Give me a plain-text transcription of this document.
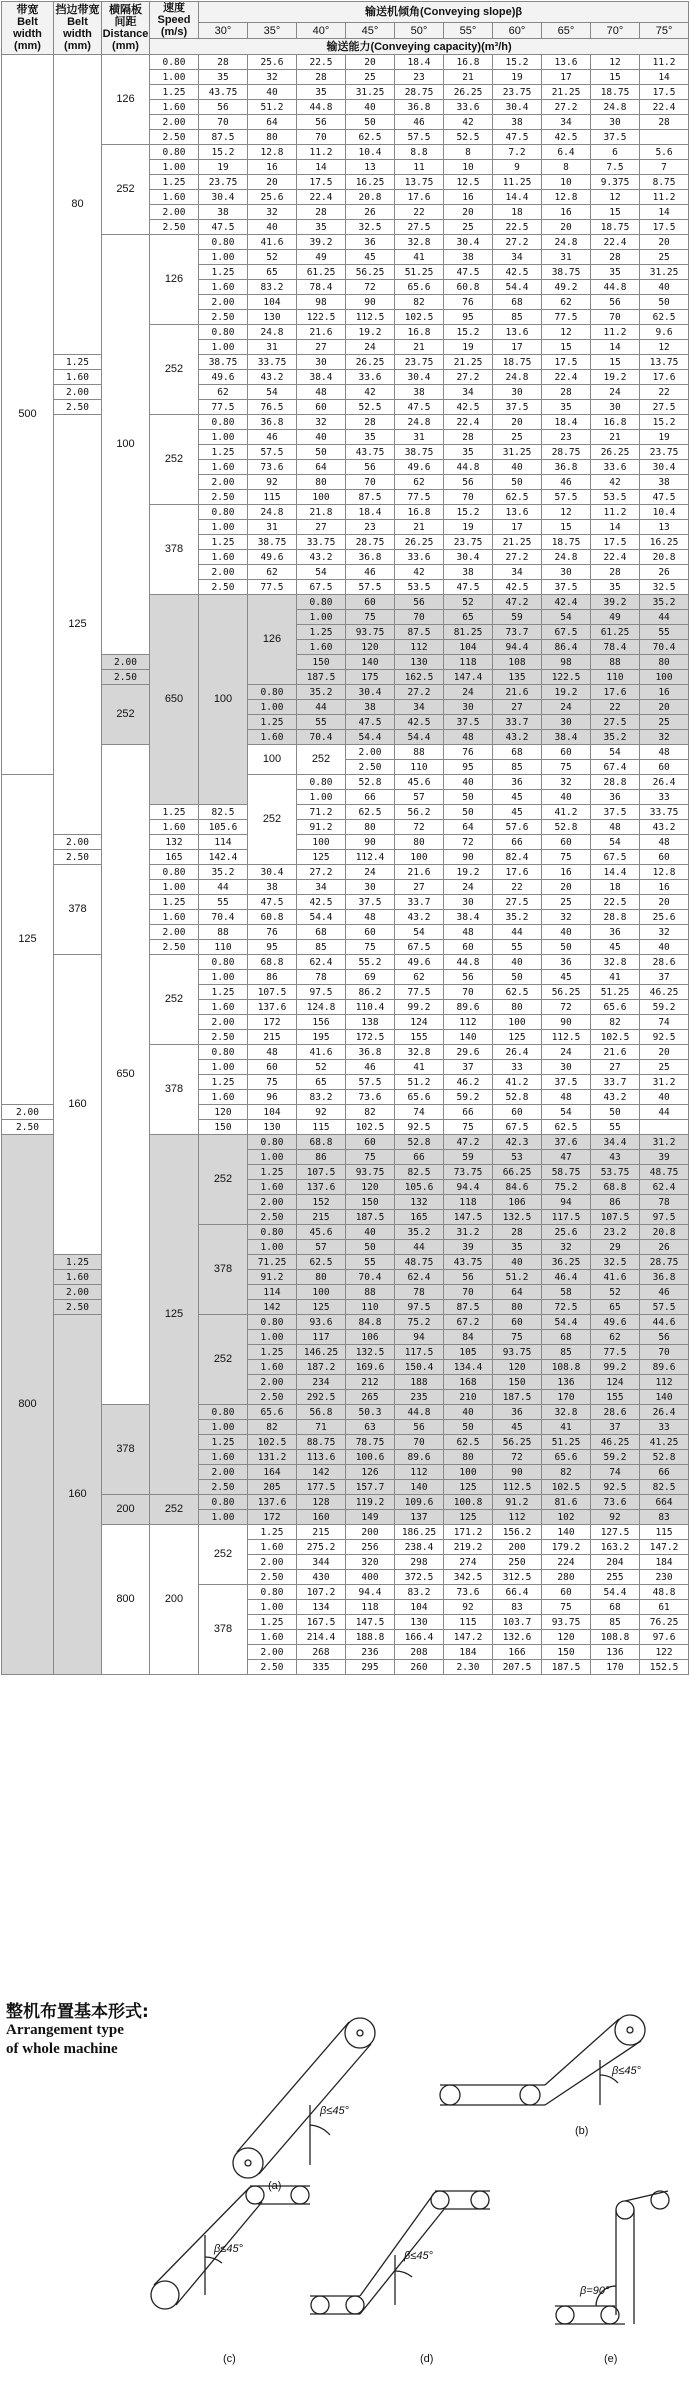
带宽
Belt
width
(mm)	挡边带宽
Belt
width
(mm)	横隔板
间距
Distance
(mm)	速度
Speed
(m/s)	输送机倾角(Conveying slope)β										
				30°	35°	40°	45°	50°	55°	60°	65°	70°	75°	
			输送能力(Conveying capacity)(m³/h)											
500	80	126	0.80	28	25.6	22.5	20	18.4	16.8	15.2	13.6	12	11.2	
			1.00	35	32	28	25	23	21	19	17	15	14	
			1.25	43.75	40	35	31.25	28.75	26.25	23.75	21.25	18.75	17.5	
			1.60	56	51.2	44.8	40	36.8	33.6	30.4	27.2	24.8	22.4	
			2.00	70	64	56	50	46	42	38	34	30	28	
			2.50	87.5	80	70	62.5	57.5	52.5	47.5	42.5	37.5		
		252	0.80	15.2	12.8	11.2	10.4	8.8	8	7.2	6.4	6	5.6	
			1.00	19	16	14	13	11	10	9	8	7.5	7	
			1.25	23.75	20	17.5	16.25	13.75	12.5	11.25	10	9.375	8.75	
			1.60	30.4	25.6	22.4	20.8	17.6	16	14.4	12.8	12	11.2	
			2.00	38	32	28	26	22	20	18	16	15	14	
			2.50	47.5	40	35	32.5	27.5	25	22.5	20	18.75	17.5	
		100	126	0.80	41.6	39.2	36	32.8	30.4	27.2	24.8	22.4	20	
				1.00	52	49	45	41	38	34	31	28	25	
				1.25	65	61.25	56.25	51.25	47.5	42.5	38.75	35	31.25	
				1.60	83.2	78.4	72	65.6	60.8	54.4	49.2	44.8	40	
				2.00	104	98	90	82	76	68	62	56	50	
				2.50	130	122.5	112.5	102.5	95	85	77.5	70	62.5	
			252	0.80	24.8	21.6	19.2	16.8	15.2	13.6	12	11.2	9.6	
				1.00	31	27	24	21	19	17	15	14	12	
	1.25			38.75	33.75	30	26.25	23.75	21.25	18.75	17.5	15	13.75	
	1.60			49.6	43.2	38.4	33.6	30.4	27.2	24.8	22.4	19.2	17.6	
	2.00			62	54	48	42	38	34	30	28	24	22	
	2.50			77.5	76.5	60	52.5	47.5	42.5	37.5	35	30	27.5	
	125		252	0.80	36.8	32	28	24.8	22.4	20	18.4	16.8	15.2	
				1.00	46	40	35	31	28	25	23	21	19	
				1.25	57.5	50	43.75	38.75	35	31.25	28.75	26.25	23.75	
				1.60	73.6	64	56	49.6	44.8	40	36.8	33.6	30.4	
				2.00	92	80	70	62	56	50	46	42	38	
				2.50	115	100	87.5	77.5	70	62.5	57.5	53.5	47.5	
			378	0.80	24.8	21.8	18.4	16.8	15.2	13.6	12	11.2	10.4	
				1.00	31	27	23	21	19	17	15	14	13	
				1.25	38.75	33.75	28.75	26.25	23.75	21.25	18.75	17.5	16.25	
				1.60	49.6	43.2	36.8	33.6	30.4	27.2	24.8	22.4	20.8	
				2.00	62	54	46	42	38	34	30	28	26	
				2.50	77.5	67.5	57.5	53.5	47.5	42.5	37.5	35	32.5	
			650	100	126	0.80	60	56	52	47.2	42.4	39.2	35.2			
						1.00	75	70	65	59	54	49	44			
						1.25	93.75	87.5	81.25	73.7	67.5	61.25	55			
						1.60	120	112	104	94.4	86.4	78.4	70.4			
		2.00				150	140	130	118	108	98	88	80		
		2.50				187.5	175	162.5	147.4	135	122.5	110	100		
		252			0.80	35.2	30.4	27.2	24	21.6	19.2	17.6	16		
					1.00	44	38	34	30	27	24	22	20		
					1.25	55	47.5	42.5	37.5	33.7	30	27.5	25		
					1.60	70.4	54.4	54.4	48	43.2	38.4	35.2	32		
		650			100	252	2.00	88	76	68	60	54	48				
							2.50	110	95	85	75	67.4	60				
125					252	0.80	52.8	45.6	40	36	32	28.8	26.4			
						1.00	66	57	50	45	40	36	33			
			1.25	82.5		71.2	62.5	56.2	50	45	41.2	37.5	33.75	
			1.60	105.6		91.2	80	72	64	57.6	52.8	48	43.2	
	2.00		132	114		100	90	80	72	66	60	54	48	
	2.50		165	142.4		125	112.4	100	90	82.4	75	67.5	60	
	378		0.80	35.2	30.4	27.2	24	21.6	19.2	17.6	16	14.4	12.8	
			1.00	44	38	34	30	27	24	22	20	18	16	
			1.25	55	47.5	42.5	37.5	33.7	30	27.5	25	22.5	20	
			1.60	70.4	60.8	54.4	48	43.2	38.4	35.2	32	28.8	25.6	
			2.00	88	76	68	60	54	48	44	40	36	32	
			2.50	110	95	85	75	67.5	60	55	50	45	40	
	160		252	0.80	68.8	62.4	55.2	49.6	44.8	40	36	32.8	28.6	
				1.00	86	78	69	62	56	50	45	41	37	
				1.25	107.5	97.5	86.2	77.5	70	62.5	56.25	51.25	46.25	
				1.60	137.6	124.8	110.4	99.2	89.6	80	72	65.6	59.2	
				2.00	172	156	138	124	112	100	90	82	74	
				2.50	215	195	172.5	155	140	125	112.5	102.5	92.5	
			378	0.80	48	41.6	36.8	32.8	29.6	26.4	24	21.6	20	
				1.00	60	52	46	41	37	33	30	27	25	
				1.25	75	65	57.5	51.2	46.2	41.2	37.5	33.7	31.2	
				1.60	96	83.2	73.6	65.6	59.2	52.8	48	43.2	40	
2.00				120	104	92	82	74	66	60	54	50	44	
2.50				150	130	115	102.5	92.5	75	67.5	62.5	55		
800			125	252	0.80	68.8	60	52.8	47.2	42.3	37.6	34.4	31.2		
					1.00	86	75	66	59	53	47	43	39		
					1.25	107.5	93.75	82.5	73.75	66.25	58.75	53.75	48.75		
					1.60	137.6	120	105.6	94.4	84.6	75.2	68.8	62.4		
					2.00	152	150	132	118	106	94	86	78		
					2.50	215	187.5	165	147.5	132.5	117.5	107.5	97.5		
				378	0.80	45.6	40	35.2	31.2	28	25.6	23.2	20.8		
					1.00	57	50	44	39	35	32	29	26		
	1.25				71.25	62.5	55	48.75	43.75	40	36.25	32.5	28.75	
	1.60				91.2	80	70.4	62.4	56	51.2	46.4	41.6	36.8	
	2.00				114	100	88	78	70	64	58	52	46	
	2.50				142	125	110	97.5	87.5	80	72.5	65	57.5	
	160			252	0.80	93.6	84.8	75.2	67.2	60	54.4	49.6	44.6		
					1.00	117	106	94	84	75	68	62	56		
					1.25	146.25	132.5	117.5	105	93.75	85	77.5	70		
					1.60	187.2	169.6	150.4	134.4	120	108.8	99.2	89.6		
					2.00	234	212	188	168	150	136	124	112		
					2.50	292.5	265	235	210	187.5	170	155	140		
		378		0.80	65.6	56.8	50.3	44.8	40	36	32.8	28.6	26.4	
				1.00	82	71	63	56	50	45	41	37	33	
				1.25	102.5	88.75	78.75	70	62.5	56.25	51.25	46.25	41.25	
				1.60	131.2	113.6	100.6	89.6	80	72	65.6	59.2	52.8	
				2.00	164	142	126	112	100	90	82	74	66	
				2.50	205	177.5	157.7	140	125	112.5	102.5	92.5	82.5	
		200	252	0.80	137.6	128	119.2	109.6	100.8	91.2	81.6	73.6	664	
				1.00	172	160	149	137	125	112	102	92	83	
		800	200	252	1.25	215	200	186.25	171.2	156.2	140	127.5	115		
					1.60	275.2	256	238.4	219.2	200	179.2	163.2	147.2		
					2.00	344	320	298	274	250	224	204	184		
					2.50	430	400	372.5	342.5	312.5	280	255	230		
				378	0.80	107.2	94.4	83.2	73.6	66.4	60	54.4	48.8		
					1.00	134	118	104	92	83	75	68	61		
					1.25	167.5	147.5	130	115	103.7	93.75	85	76.25		
					1.60	214.4	188.8	166.4	147.2	132.6	120	108.8	97.6		
					2.00	268	236	208	184	166	150	136	122		
					2.50	335	295	260	2.30	207.5	187.5	170	152.5		
整机布置基本形式:
Arrangement type
of whole machine
β≤45°
(a)
β≤45°
(b)
β≤45°
(c)
β≤45°
(d)
β=90°
(e)
